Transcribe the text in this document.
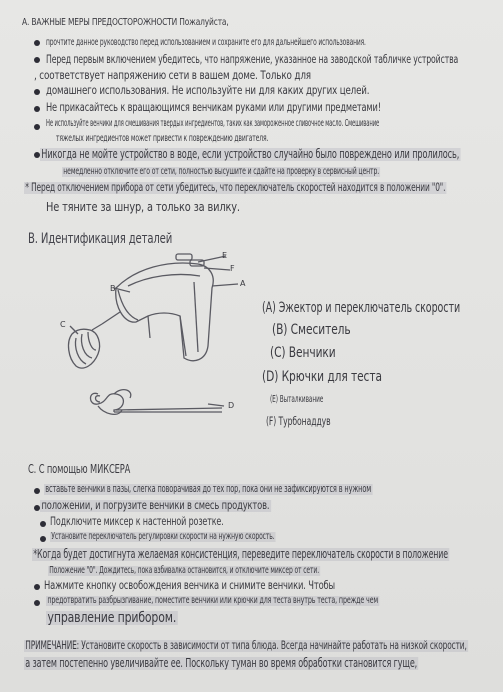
А. ВАЖНЫЕ МЕРЫ ПРЕДОСТОРОЖНОСТИ Пожалуйста,
прочтите данное руководство перед использованием и сохраните его для дальнейшего использования.
Перед первым включением убедитесь, что напряжение, указанное на заводской табличке устройства
, соответствует напряжению сети в вашем доме. Только для
домашнего использования. Не используйте ни для каких других целей.
Не прикасайтесь к вращающимся венчикам руками или другими предметами!
Не используйте венчики для смешивания твердых ингредиентов, таких как замороженное сливочное масло. Смешивание
тяжелых ингредиентов может привести к повреждению двигателя.
Никогда не мойте устройство в воде, если устройство случайно было повреждено или пролилось,
немедленно отключите его от сети, полностью высушите и сдайте на проверку в сервисный центр.
* Перед отключением прибора от сети убедитесь, что переключатель скоростей находится в положении "0".
Не тяните за шнур, а только за вилку.
В. Идентификация деталей
E
F
A
B
C
D
(A) Эжектор и переключатель скорости
(B) Смеситель
(C) Венчики
(D) Крючки для теста
(E) Выталкивание
(F) Турбонаддув
С. С помощью МИКСЕРА
вставьте венчики в пазы, слегка поворачивая до тех пор, пока они не зафиксируются в нужном
положении, и погрузите венчики в смесь продуктов.
Подключите миксер к настенной розетке.
Установите переключатель регулировки скорости на нужную скорость.
*Когда будет достигнута желаемая консистенция, переведите переключатель скорости в положение
Положение "0". Дождитесь, пока взбивалка остановится, и отключите миксер от сети.
Нажмите кнопку освобождения венчика и снимите венчики. Чтобы
предотвратить разбрызгивание, поместите венчики или крючки для теста внутрь теста, прежде чем
управление прибором.
ПРИМЕЧАНИЕ: Установите скорость в зависимости от типа блюда. Всегда начинайте работать на низкой скорости,
а затем постепенно увеличивайте ее. Поскольку туман во время обработки становится гуще,
